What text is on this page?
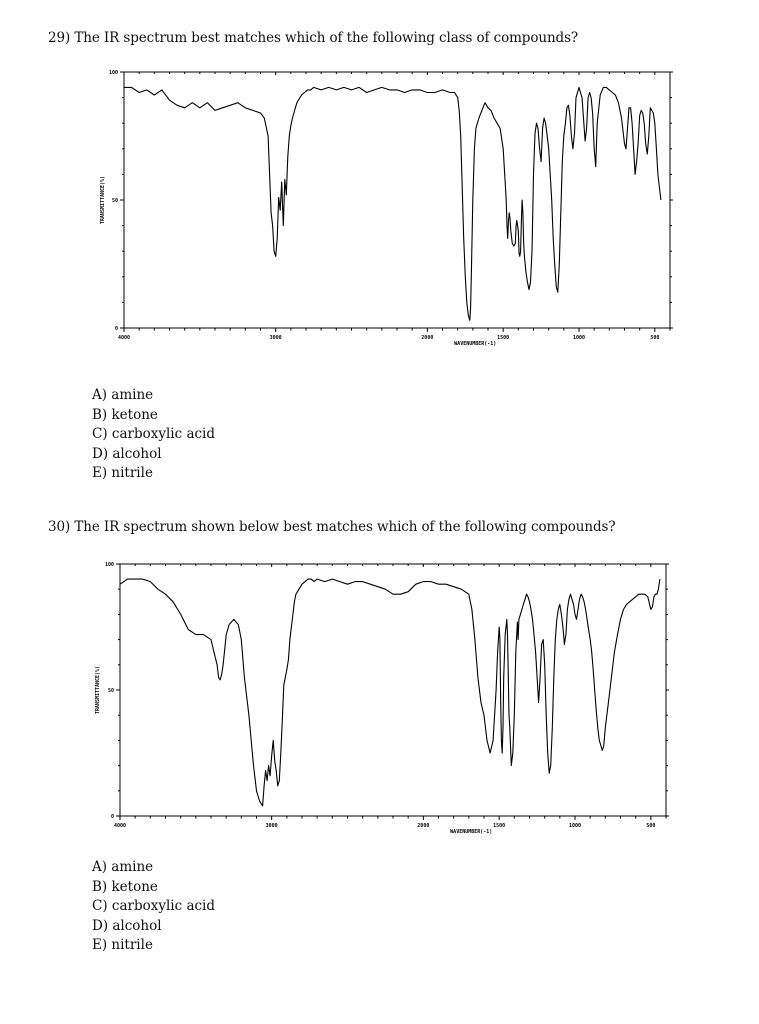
29) The IR spectrum best matches which of the following class of compounds?
4000	3000	2000	1500	1000	500
0
50
100
WAVENUMBER(-1)
TRANSMITTANCE(%)
A) amine
B) ketone
C) carboxylic acid
D) alcohol
E) nitrile
30) The IR spectrum shown below best matches which of the following compounds?
4000	3000	2000	1500	1000	500
0
50
100
WAVENUMBER(-1)
TRANSMITTANCE(%)
A) amine
B) ketone
C) carboxylic acid
D) alcohol
E) nitrile
